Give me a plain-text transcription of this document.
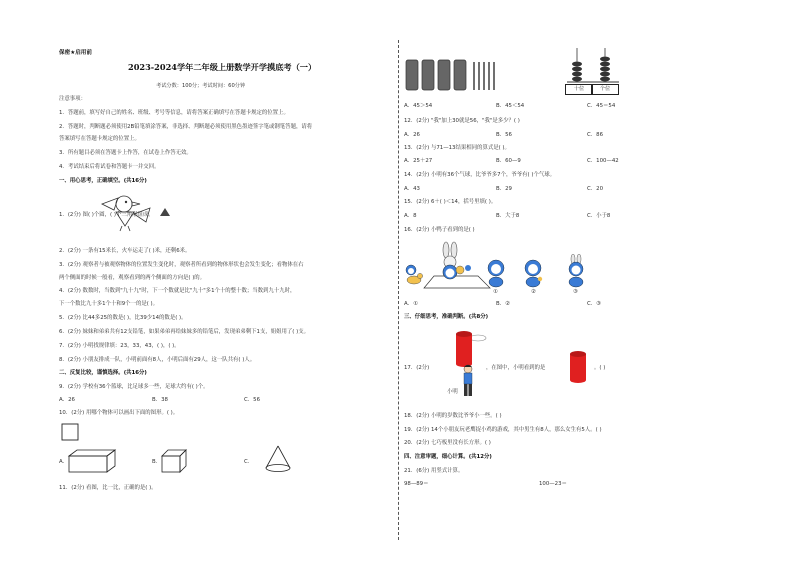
保密★启用前
2023-2024学年二年级上册数学开学摸底考（一）
考试分数：100分；考试时间：60分钟
注意事项：
1．答题前，填写好自己的姓名、班级、考号等信息，请将答案正确填写在答题卡规定的位置上。
2．答题时，判断题必须使用2B铅笔填涂答案，非选择、判断题必须使用黑色墨迹签字笔或钢笔答题，请将
答案填写在答题卡规定的位置上。
3．所有题目必须在答题卡上作答，在试卷上作答无效。
4．考试结束后将试卷和答题卡一并交回。
一、用心思考，正确填空。(共16分)
1．(2分) 图( )个圆，( )个三角形组成。
2．(2分) 一条有15米长，火车运走了( )米，还剩6米。
3．(2分) 观察者与被观察物体的位置发生变化时，观察者所看到的物体形状也会发生变化；看物体在右
两个侧面的时候一般看，观察看到的两个侧面的方向是( )的。
4．(2分) 数数时，当数到"九十九"时，下一个数就是比"九十"多1个十的整十数；当数到九十九时，
下一个数比九十多1个十和9个一的是( )。
5．(2分) 比44多25的数是( )，比39少14的数是( )。
6．(2分) 妹妹和弟弟共有12支铅笔，如果弟弟再给妹妹多的铅笔后，发现弟弟剩下1支，姐姐用了( )支。
7．(2分) 小明找规律填：23，33，43，( )，( )。
8．(2分) 小朋友排成一队，小明前面有8人，小明后面有29人，这一队共有( )人。
二、反复比较，谨慎选择。(共16分)
9．(2分) 学校有36个篮球，比足球多一些，足球大约有( )个。
A．26	B．38	C．56
10．(2分) 用哪个物体可以画出下面的图形。( )。
A.	B.	C.
11．(2分) 看图，比一比，正确的是( )。
十位	个位
A．45＞54	B．45＜54	C．45＝54
12．(2分) "我"加上30就是56，"我"是多少？( )
A．26	B．56	C．86
13．(2分) 与71—13结果相同的算式是( )。
A．25＋27	B．60—9	C．100—42
14．(2分) 小明有36个气球，比爷爷多7个，爷爷有( )个气球。
A．43	B．29	C．20
15．(2分) 6＋( )＜14，括号里填( )。
A．8	B．大于8	C．小于8
16．(2分) 小鸭子看到的是( )
①	②	③
A．①	B．②	C．③
三、仔细思考，准确判断。(共8分)
17．(2分)
小明
，在图中，小明看到的是	。( )
18．(2分) 小明的岁数比爷爷小一些。( )
19．(2分) 14个小朋友玩老鹰捉小鸡的游戏，其中男生有8人，那么女生有5人。( )
20．(2分) 七巧板里没有长方形。( )
四、注意审题，细心计算。(共12分)
21．(6分) 用竖式计算。
98—89＝	100—23＝
